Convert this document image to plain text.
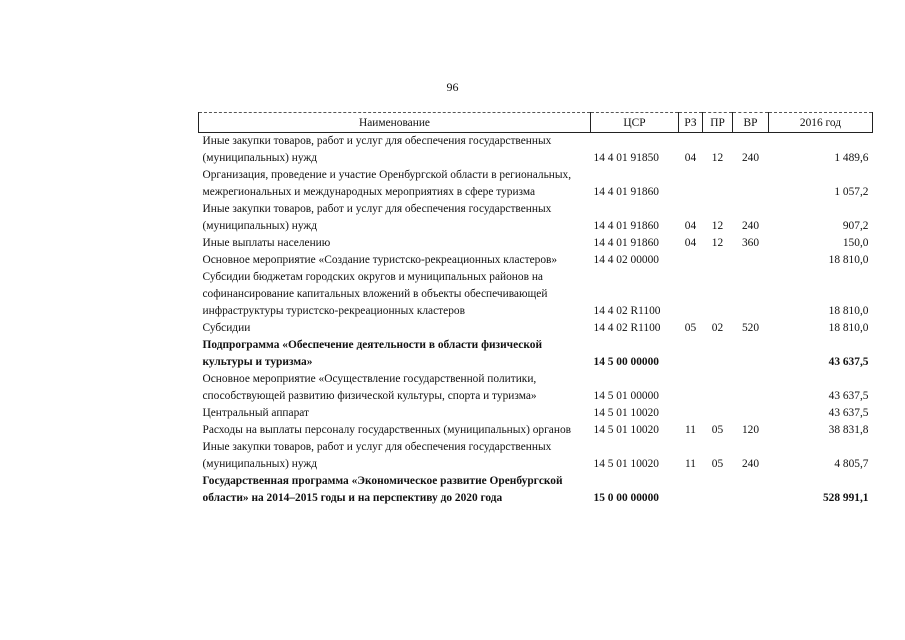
96
Наименование	ЦСР	РЗ	ПР	ВР	2016 год
Иные закупки товаров, работ и услуг для обеспечения государственных (муниципальных) нужд	14 4 01 91850	04	12	240	1 489,6
Организация, проведение и участие Оренбургской области в региональных, межрегиональных и международных мероприятиях в сфере туризма	14 4 01 91860				1 057,2
Иные закупки товаров, работ и услуг для обеспечения государственных (муниципальных) нужд	14 4 01 91860	04	12	240	907,2
Иные выплаты населению	14 4 01 91860	04	12	360	150,0
Основное мероприятие «Создание туристско-рекреационных кластеров»	14 4 02 00000				18 810,0
Субсидии бюджетам городских округов и муниципальных районов на софинансирование капитальных вложений в объекты обеспечивающей инфраструктуры туристско-рекреационных кластеров	14 4 02 R1100				18 810,0
Субсидии	14 4 02 R1100	05	02	520	18 810,0
Подпрограмма «Обеспечение деятельности в области физической культуры и туризма»	14 5 00 00000				43 637,5
Основное мероприятие «Осуществление государственной политики, способствующей развитию физической культуры, спорта и туризма»	14 5 01 00000				43 637,5
Центральный аппарат	14 5 01 10020				43 637,5
Расходы на выплаты персоналу государственных (муниципальных) органов	14 5 01 10020	11	05	120	38 831,8
Иные закупки товаров, работ и услуг для обеспечения государственных (муниципальных) нужд	14 5 01 10020	11	05	240	4 805,7
Государственная программа «Экономическое развитие Оренбургской области» на 2014–2015 годы и на перспективу до 2020 года	15 0 00 00000				528 991,1
